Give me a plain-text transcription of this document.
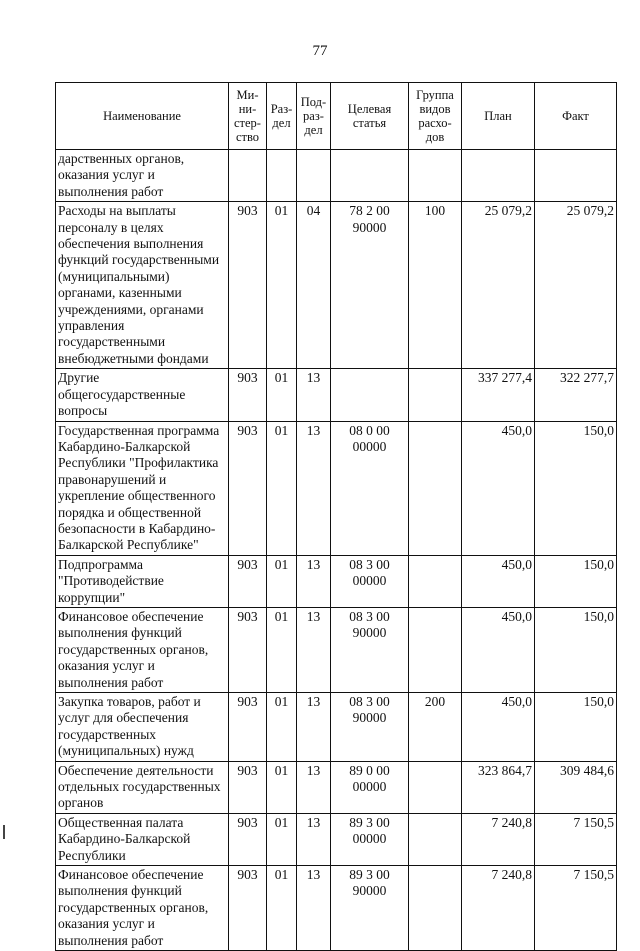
77
Наименование	Ми-ни-стер-ство	Раз-дел	Под-раз-дел	Целевая статья	Группа видов расхо-дов	План	Факт
дарственных органов, оказания услуг и выполнения работ							
Расходы на выплаты персоналу в целях обеспечения выполнения функций государственными (муниципальными) органами, казенными учреждениями, органами управления государственными внебюджетными фондами	903	01	04	78 2 00 90000	100	25 079,2	25 079,2
Другие общегосударственные вопросы	903	01	13			337 277,4	322 277,7
Государственная программа Кабардино-Балкарской Республики "Профилактика правонарушений и укрепление общественного порядка и общественной безопасности в Кабардино-Балкарской Республике"	903	01	13	08 0 00 00000		450,0	150,0
Подпрограмма "Противодействие коррупции"	903	01	13	08 3 00 00000		450,0	150,0
Финансовое обеспечение выполнения функций государственных органов, оказания услуг и выполнения работ	903	01	13	08 3 00 90000		450,0	150,0
Закупка товаров, работ и услуг для обеспечения государственных (муниципальных) нужд	903	01	13	08 3 00 90000	200	450,0	150,0
Обеспечение деятельности отдельных государственных органов	903	01	13	89 0 00 00000		323 864,7	309 484,6
Общественная палата Кабардино-Балкарской Республики	903	01	13	89 3 00 00000		7 240,8	7 150,5
Финансовое обеспечение выполнения функций государственных органов, оказания услуг и выполнения работ	903	01	13	89 3 00 90000		7 240,8	7 150,5
